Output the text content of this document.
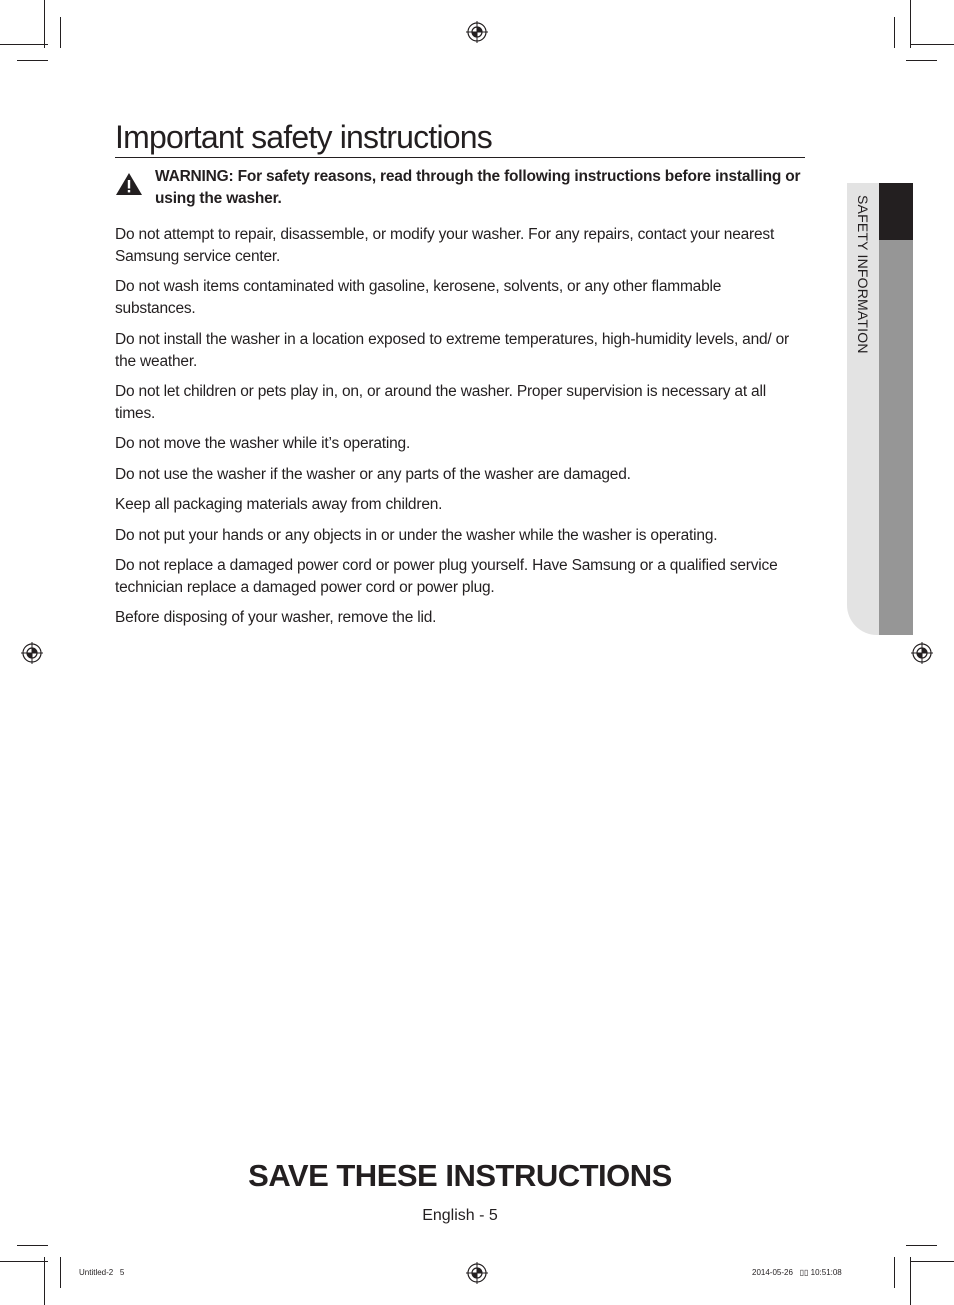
SAFETY INFORMATION
Important safety instructions

WARNING: For safety reasons, read through the following instructions before installing or using the washer.

Do not attempt to repair, disassemble, or modify your washer. For any repairs, contact your nearest Samsung service center.

Do not wash items contaminated with gasoline, kerosene, solvents, or any other flammable substances.

Do not install the washer in a location exposed to extreme temperatures, high-humidity levels, and/ or the weather.

Do not let children or pets play in, on, or around the washer. Proper supervision is necessary at all times.

Do not move the washer while it’s operating.

Do not use the washer if the washer or any parts of the washer are damaged.

Keep all packaging materials away from children.

Do not put your hands or any objects in or under the washer while the washer is operating.

Do not replace a damaged power cord or power plug yourself. Have Samsung or a qualified service technician replace a damaged power cord or power plug.

Before disposing of your washer, remove the lid.

SAVE THESE INSTRUCTIONS

English - 5

Untitled-2   5	2014-05-26   ▯▯ 10:51:08
